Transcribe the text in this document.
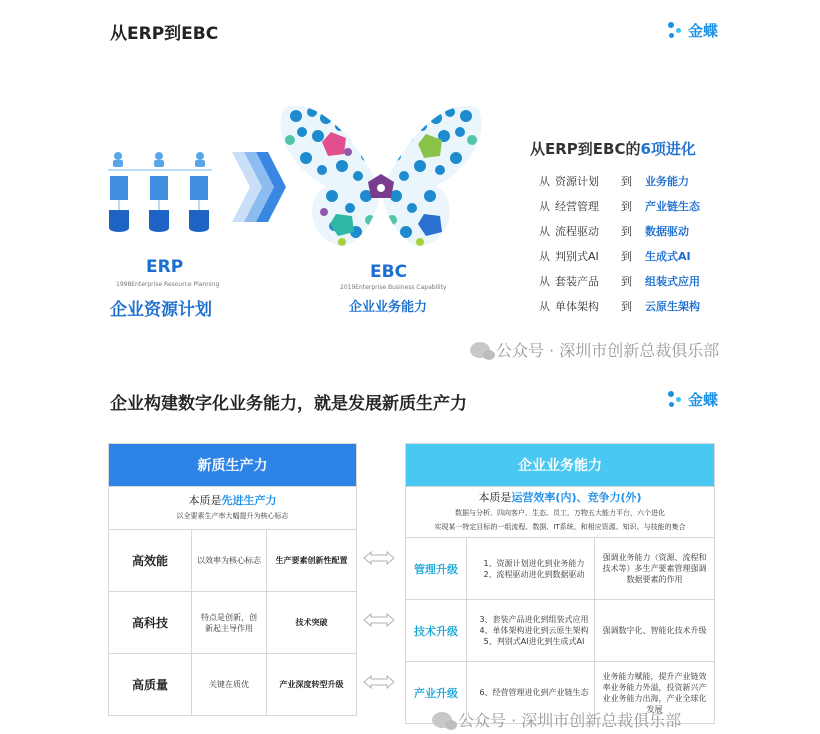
从ERP到EBC	金蝶
ERP
1998Enterprise Resource Planning
企业资源计划
EBC
2019Enterprise Business Capability
企业业务能力
从ERP到EBC的6项进化
从 资源计划	到	业务能力
从 经营管理	到	产业链生态
从 流程驱动	到	数据驱动
从 判别式AI	到	生成式AI
从 套装产品	到	组装式应用
从 单体架构	到	云原生架构
公众号 · 深圳市创新总裁俱乐部
企业构建数字化业务能力，就是发展新质生产力	金蝶
新质生产力		
本质是先进生产力
以全要素生产率大幅提升为核心标志		
高效能	以效率为核心标志	生产要素创新性配置
高科技	特点是创新，创新起主导作用	技术突破
高质量	关键在质优	产业深度转型升级
企业业务能力		
本质是运营效率(内)、竞争力(外)
数据与分析、四向客户、生态、员工，万物五大能力平台，六个进化
实现某一特定目标的一组流程、数据、IT系统、和相应资源、知识、与技能的集合		
管理升级	1、资源计划进化到业务能力
2、流程驱动进化到数据驱动	强调业务能力（资源、流程和技术等）多生产要素管理强调数据要素的作用
技术升级	3、套装产品进化到组装式应用
4、单体架构进化到云原生架构
5、判别式AI进化到生成式AI	强调数字化、智能化技术升级
产业升级	6、经营管理进化到产业链生态	业务能力赋能，提升产业链效率业务能力外溢，投资新兴产业业务能力出海，产业全球化发展
公众号 · 深圳市创新总裁俱乐部
